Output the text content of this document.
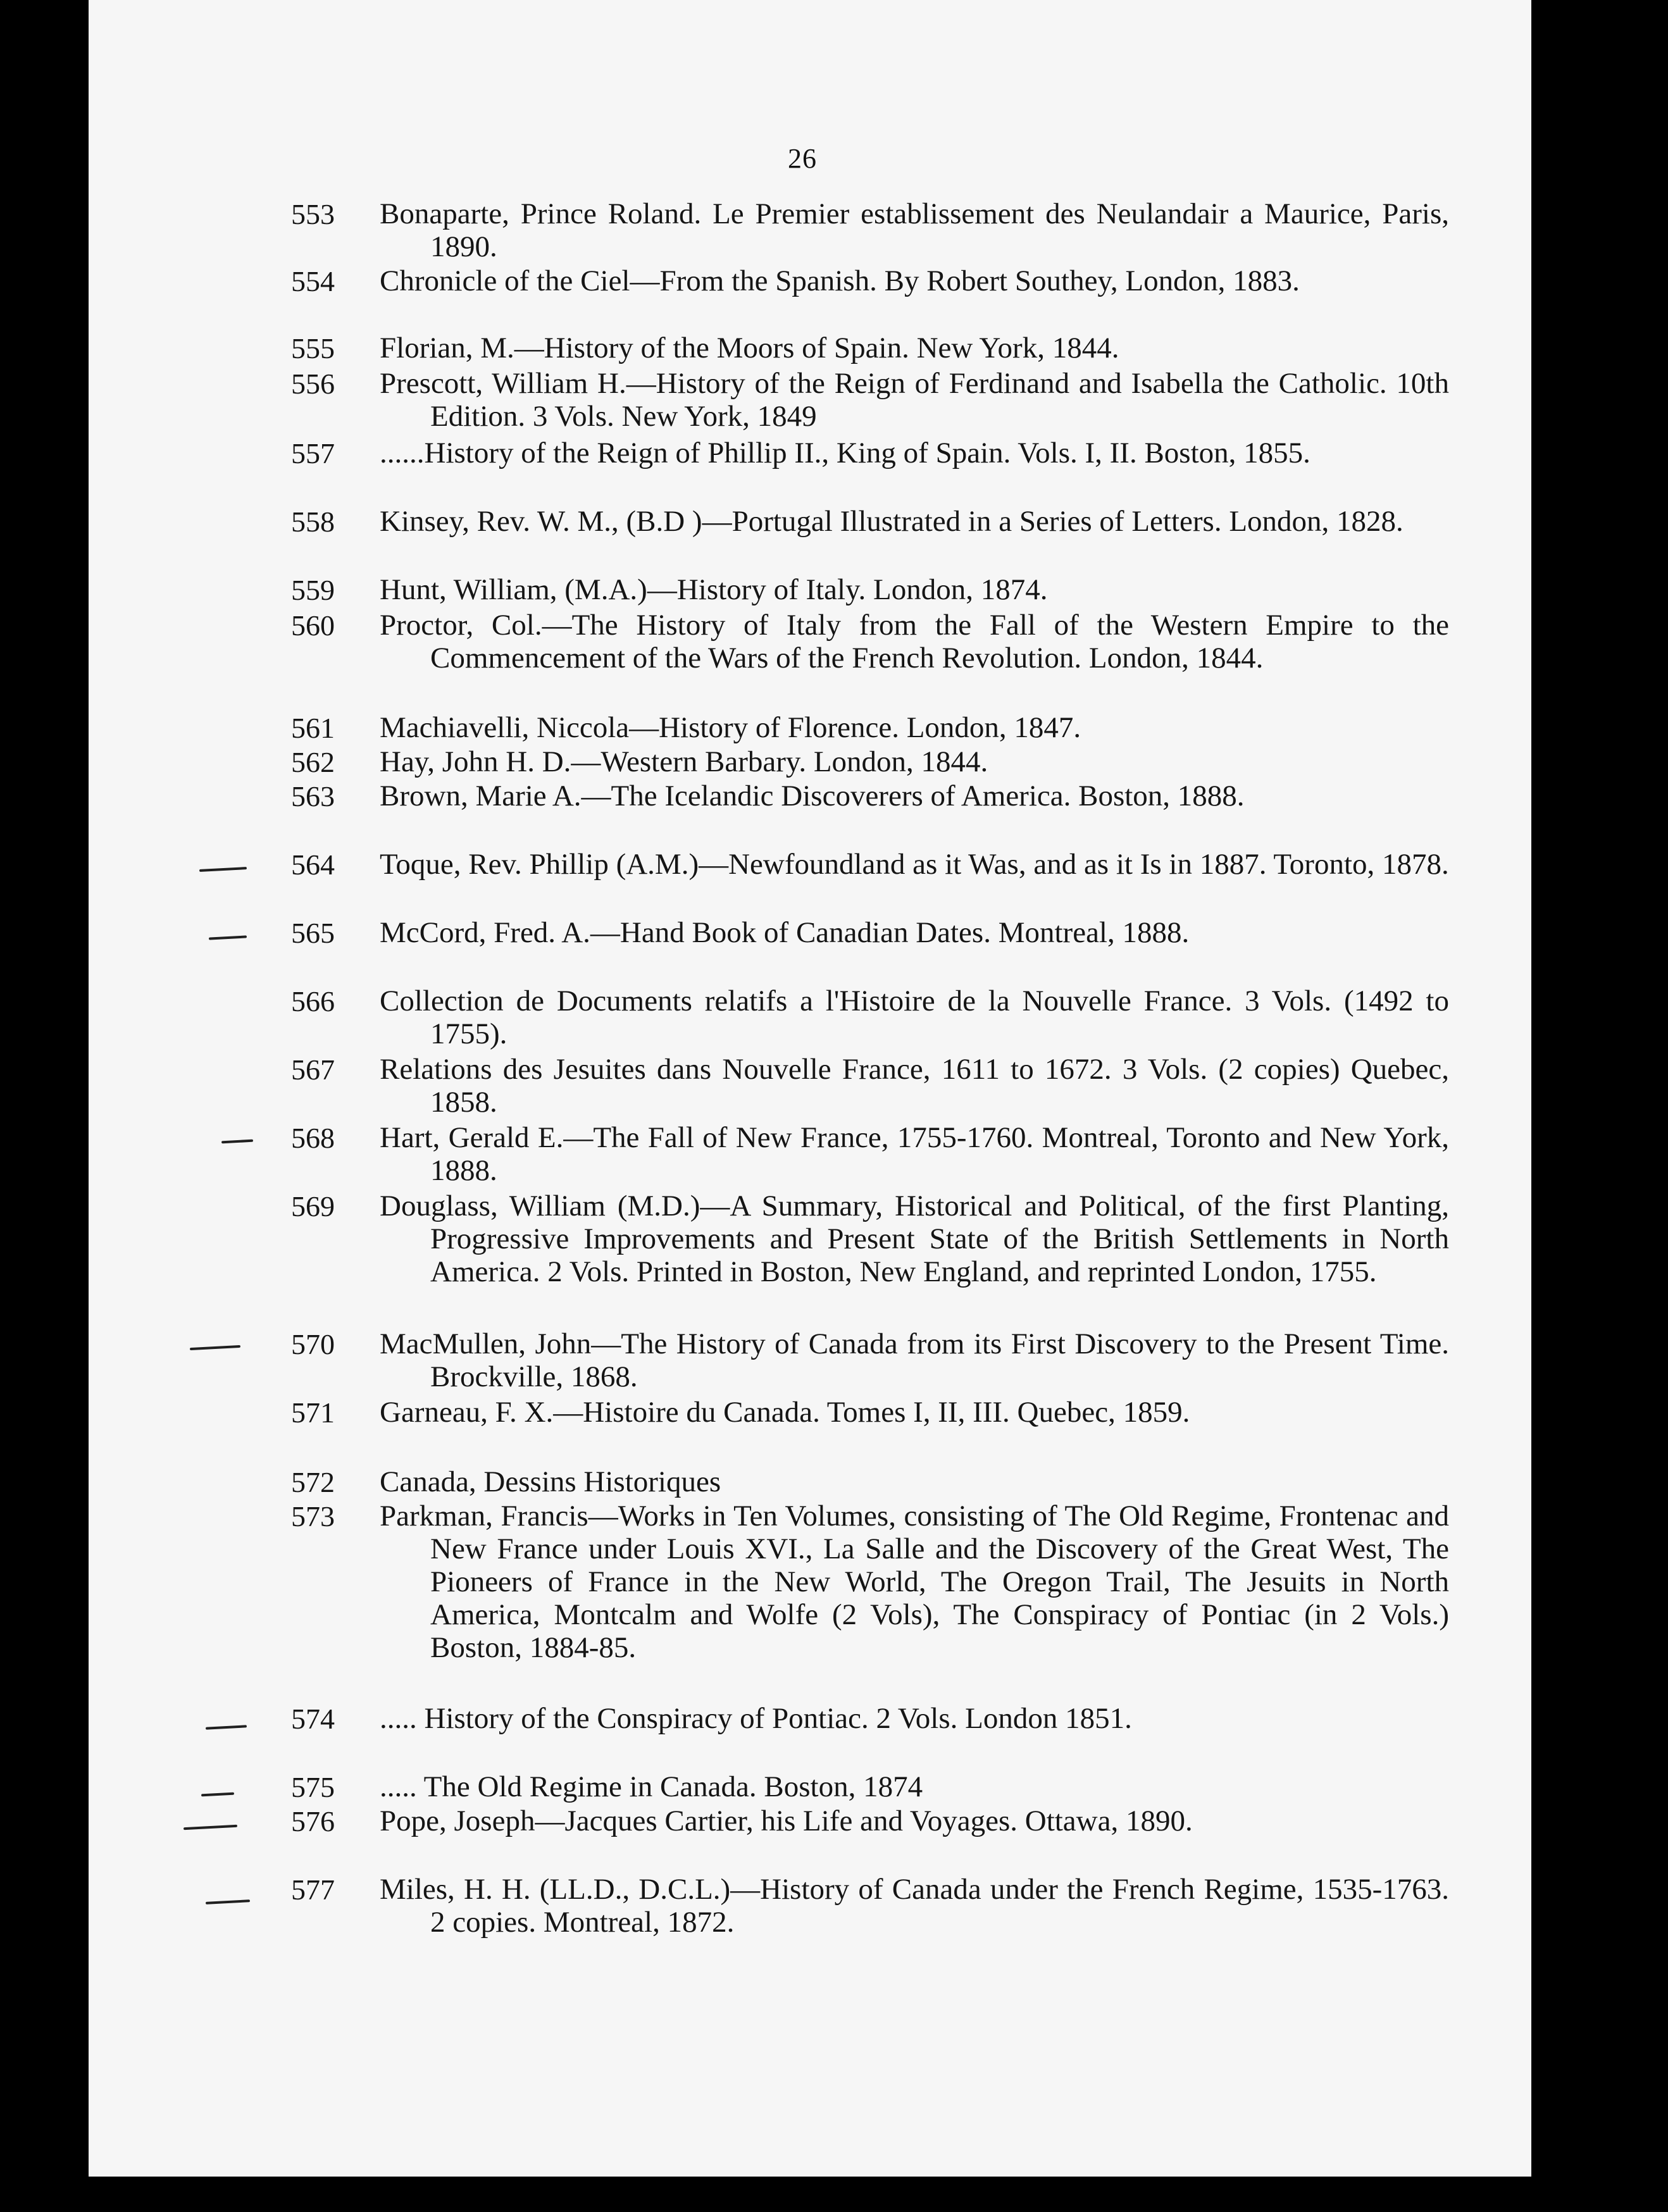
26
553	Bonaparte, Prince Roland. Le Premier establissement des Neulandair a Maurice, Paris, 1890.
554	Chronicle of the Ciel—From the Spanish. By Robert Southey, London, 1883.
555	Florian, M.—History of the Moors of Spain. New York, 1844.
556	Prescott, William H.—History of the Reign of Ferdinand and Isabella the Catholic. 10th Edition. 3 Vols. New York, 1849
557	......History of the Reign of Phillip II., King of Spain. Vols. I, II. Boston, 1855.
558	Kinsey, Rev. W. M., (B.D )—Portugal Illustrated in a Series of Letters. London, 1828.
559	Hunt, William, (M.A.)—History of Italy. London, 1874.
560	Proctor, Col.—The History of Italy from the Fall of the Western Empire to the Commencement of the Wars of the French Revolution. London, 1844.
561	Machiavelli, Niccola—History of Florence. London, 1847.
562	Hay, John H. D.—Western Barbary. London, 1844.
563	Brown, Marie A.—The Icelandic Discoverers of America. Boston, 1888.
564	Toque, Rev. Phillip (A.M.)—Newfoundland as it Was, and as it Is in 1887. Toronto, 1878.
565	McCord, Fred. A.—Hand Book of Canadian Dates. Montreal, 1888.
566	Collection de Documents relatifs a l'Histoire de la Nouvelle France. 3 Vols. (1492 to 1755).
567	Relations des Jesuites dans Nouvelle France, 1611 to 1672. 3 Vols. (2 copies) Quebec, 1858.
568	Hart, Gerald E.—The Fall of New France, 1755-1760. Montreal, Toronto and New York, 1888.
569	Douglass, William (M.D.)—A Summary, Historical and Political, of the first Planting, Progressive Improvements and Present State of the British Settlements in North America. 2 Vols. Printed in Boston, New England, and reprinted London, 1755.
570	MacMullen, John—The History of Canada from its First Discovery to the Present Time. Brockville, 1868.
571	Garneau, F. X.—Histoire du Canada. Tomes I, II, III. Quebec, 1859.
572	Canada, Dessins Historiques
573	Parkman, Francis—Works in Ten Volumes, consisting of The Old Regime, Frontenac and New France under Louis XVI., La Salle and the Discovery of the Great West, The Pioneers of France in the New World, The Oregon Trail, The Jesuits in North America, Montcalm and Wolfe (2 Vols), The Conspiracy of Pontiac (in 2 Vols.) Boston, 1884-85.
574	..... History of the Conspiracy of Pontiac. 2 Vols. London 1851.
575	..... The Old Regime in Canada. Boston, 1874
576	Pope, Joseph—Jacques Cartier, his Life and Voyages. Ottawa, 1890.
577	Miles, H. H. (LL.D., D.C.L.)—History of Canada under the French Regime, 1535-1763. 2 copies. Montreal, 1872.
